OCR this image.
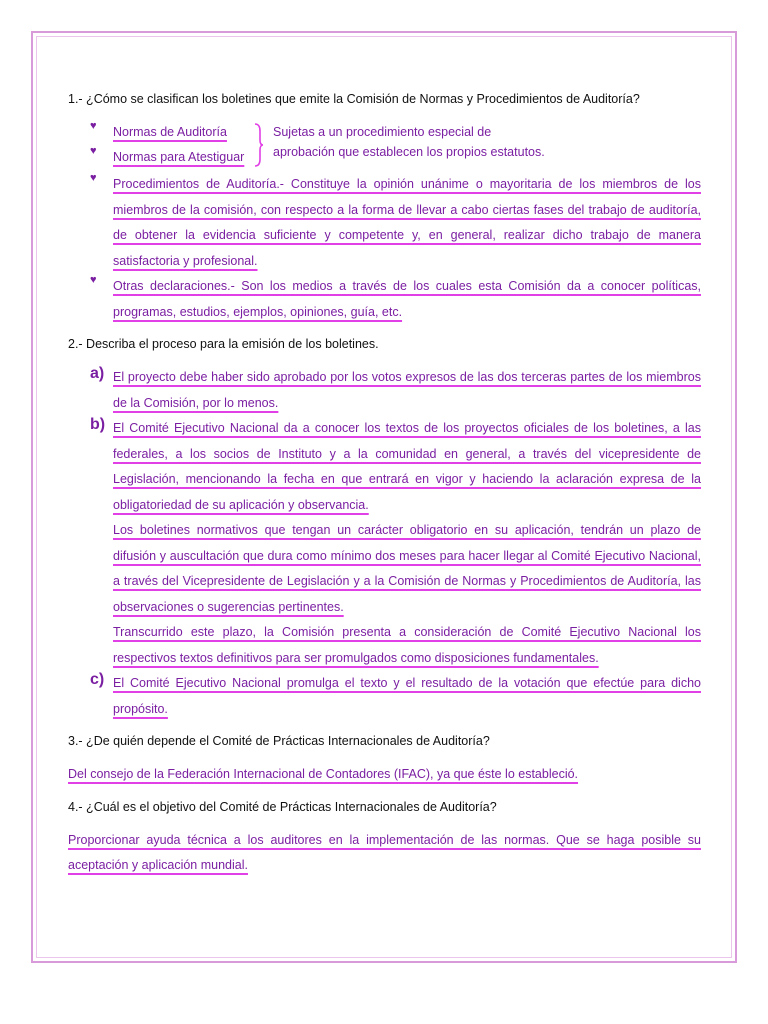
1.- ¿Cómo se clasifican los boletines que emite la Comisión de Normas y Procedimientos de Auditoría?

♥ Normas de Auditoría
♥ Normas para Atestiguar
Sujetas a un procedimiento especial de
aprobación que establecen los propios estatutos.
♥ Procedimientos de Auditoría.- Constituye la opinión unánime o mayoritaria de los miembros de los miembros de la comisión, con respecto a la forma de llevar a cabo ciertas fases del trabajo de auditoría, de obtener la evidencia suficiente y competente y, en general, realizar dicho trabajo de manera satisfactoria y profesional.
♥ Otras declaraciones.- Son los medios a través de los cuales esta Comisión da a conocer políticas, programas, estudios, ejemplos, opiniones, guía, etc.

2.- Describa el proceso para la emisión de los boletines.

a) El proyecto debe haber sido aprobado por los votos expresos de las dos terceras partes de los miembros de la Comisión, por lo menos.
b) El Comité Ejecutivo Nacional da a conocer los textos de los proyectos oficiales de los boletines, a las federales, a los socios de Instituto y a la comunidad en general, a través del vicepresidente de Legislación, mencionando la fecha en que entrará en vigor y haciendo la aclaración expresa de la obligatoriedad de su aplicación y observancia.
Los boletines normativos que tengan un carácter obligatorio en su aplicación, tendrán un plazo de difusión y auscultación que dura como mínimo dos meses para hacer llegar al Comité Ejecutivo Nacional, a través del Vicepresidente de Legislación y a la Comisión de Normas y Procedimientos de Auditoría, las observaciones o sugerencias pertinentes.
Transcurrido este plazo, la Comisión presenta a consideración de Comité Ejecutivo Nacional los respectivos textos definitivos para ser promulgados como disposiciones fundamentales.
c) El Comité Ejecutivo Nacional promulga el texto y el resultado de la votación que efectúe para dicho propósito.

3.- ¿De quién depende el Comité de Prácticas Internacionales de Auditoría?

Del consejo de la Federación Internacional de Contadores (IFAC), ya que éste lo estableció.

4.- ¿Cuál es el objetivo del Comité de Prácticas Internacionales de Auditoría?

Proporcionar ayuda técnica a los auditores en la implementación de las normas. Que se haga posible su aceptación y aplicación mundial.
